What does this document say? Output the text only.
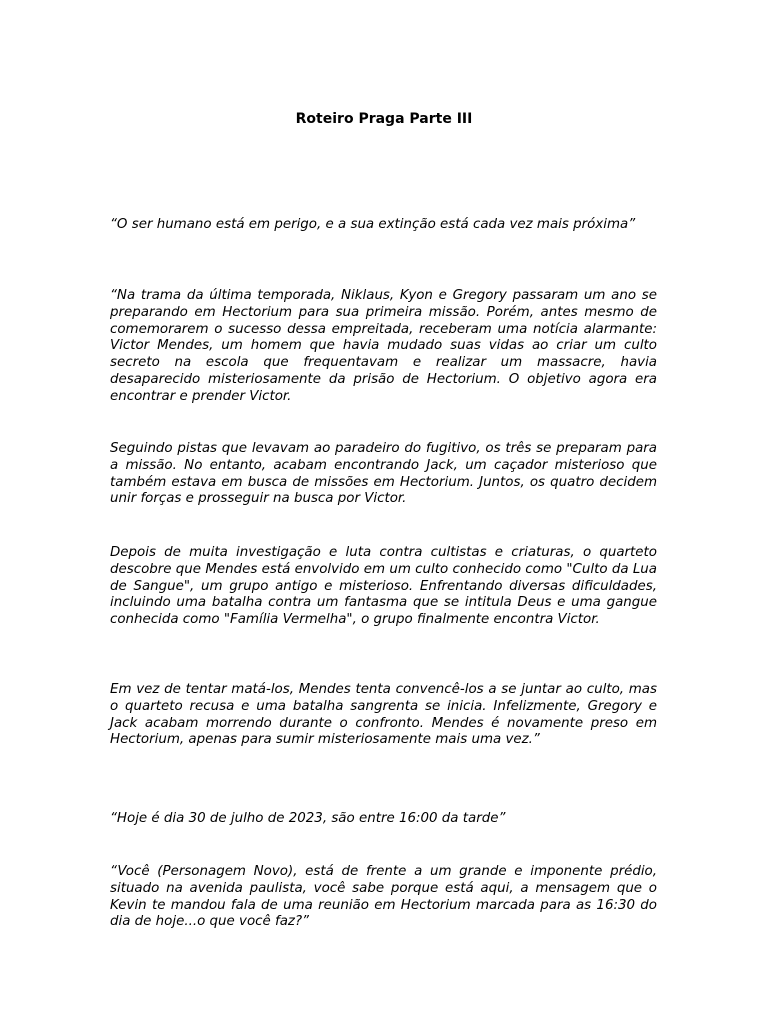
Roteiro Praga Parte III

“O ser humano está em perigo, e a sua extinção está cada vez mais próxima”

“Na trama da última temporada, Niklaus, Kyon e Gregory passaram um ano se preparando em Hectorium para sua primeira missão. Porém, antes mesmo de comemorarem o sucesso dessa empreitada, receberam uma notícia alarmante: Victor Mendes, um homem que havia mudado suas vidas ao criar um culto secreto na escola que frequentavam e realizar um massacre, havia desaparecido misteriosamente da prisão de Hectorium. O objetivo agora era encontrar e prender Victor.

Seguindo pistas que levavam ao paradeiro do fugitivo, os três se preparam para a missão. No entanto, acabam encontrando Jack, um caçador misterioso que também estava em busca de missões em Hectorium. Juntos, os quatro decidem unir forças e prosseguir na busca por Victor.

Depois de muita investigação e luta contra cultistas e criaturas, o quarteto descobre que Mendes está envolvido em um culto conhecido como "Culto da Lua de Sangue", um grupo antigo e misterioso. Enfrentando diversas dificuldades, incluindo uma batalha contra um fantasma que se intitula Deus e uma gangue conhecida como "Família Vermelha", o grupo finalmente encontra Victor.

Em vez de tentar matá-los, Mendes tenta convencê-los a se juntar ao culto, mas o quarteto recusa e uma batalha sangrenta se inicia. Infelizmente, Gregory e Jack acabam morrendo durante o confronto. Mendes é novamente preso em Hectorium, apenas para sumir misteriosamente mais uma vez.”

“Hoje é dia 30 de julho de 2023, são entre 16:00 da tarde”

“Você (Personagem Novo), está de frente a um grande e imponente prédio, situado na avenida paulista, você sabe porque está aqui, a mensagem que o Kevin te mandou fala de uma reunião em Hectorium marcada para as 16:30 do dia de hoje...o que você faz?”
